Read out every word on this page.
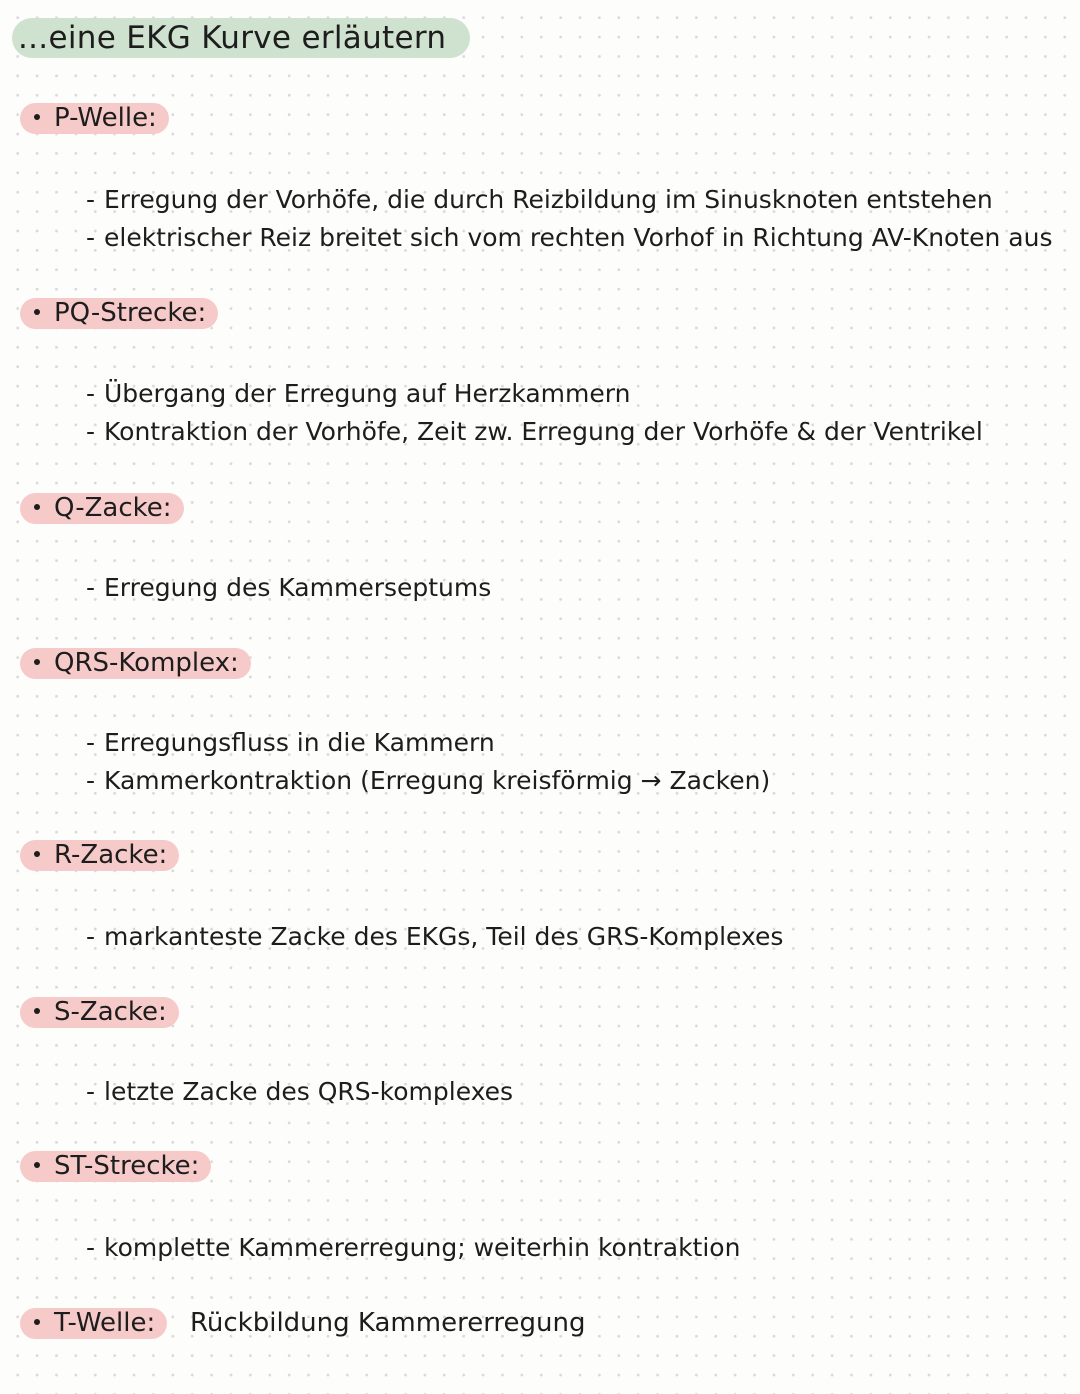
...eine EKG Kurve erläutern
P-Welle:
- Erregung der Vorhöfe, die durch Reizbildung im Sinusknoten entstehen
- elektrischer Reiz breitet sich vom rechten Vorhof in Richtung AV-Knoten aus
PQ-Strecke:
- Übergang der Erregung auf Herzkammern
- Kontraktion der Vorhöfe, Zeit zw. Erregung der Vorhöfe & der Ventrikel
Q-Zacke:
- Erregung des Kammerseptums
QRS-Komplex:
- Erregungsfluss in die Kammern
- Kammerkontraktion (Erregung kreisförmig → Zacken)
R-Zacke:
- markanteste Zacke des EKGs, Teil des GRS-Komplexes
S-Zacke:
- letzte Zacke des QRS-komplexes
ST-Strecke:
- komplette Kammererregung; weiterhin kontraktion
T-Welle:	Rückbildung Kammererregung
